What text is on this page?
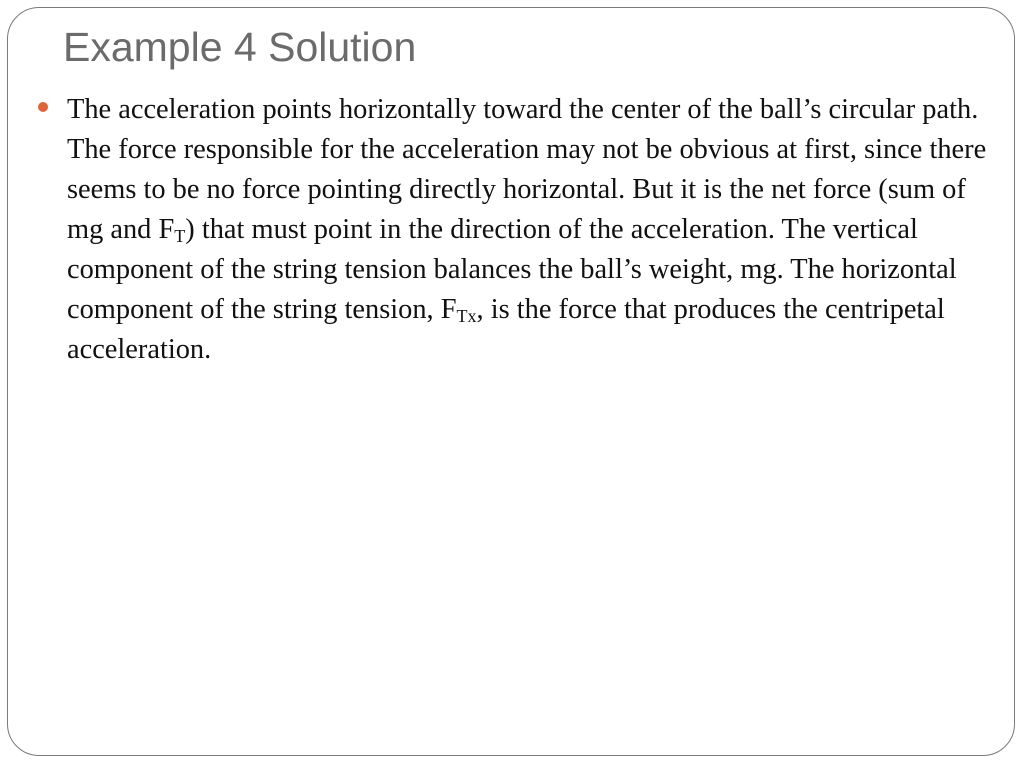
Example 4 Solution

The acceleration points horizontally toward the center of the ball’s circular path. The force responsible for the acceleration may not be obvious at first, since there seems to be no force pointing directly horizontal. But it is the net force (sum of mg and $F_T$) that must point in the direction of the acceleration. The vertical component of the string tension balances the ball’s weight, mg. The horizontal component of the string tension, $F_{Tx}$, is the force that produces the centripetal acceleration.
